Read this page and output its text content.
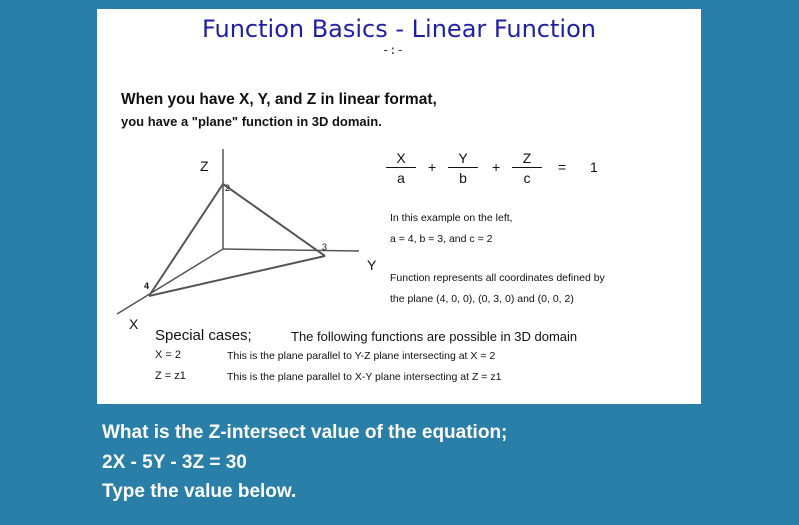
Function Basics - Linear Function
-:-
When you have X, Y, and Z in linear format,
you have a "plane" function in 3D domain.
Z
Y
X
2
3
4
$\frac{X}{a} + \frac{Y}{b} + \frac{Z}{c} = 1$
In this example on the left,
a = 4, b = 3, and c = 2
Function represents all coordinates defined by
the plane (4, 0, 0), (0, 3, 0) and (0, 0, 2)
Special cases;	The following functions are possible in 3D domain
X = 2	This is the plane parallel to Y-Z plane intersecting at X = 2
Z = z1	This is the plane parallel to X-Y plane intersecting at Z = z1
What is the Z-intersect value of the equation;
2X - 5Y - 3Z = 30
Type the value below.
